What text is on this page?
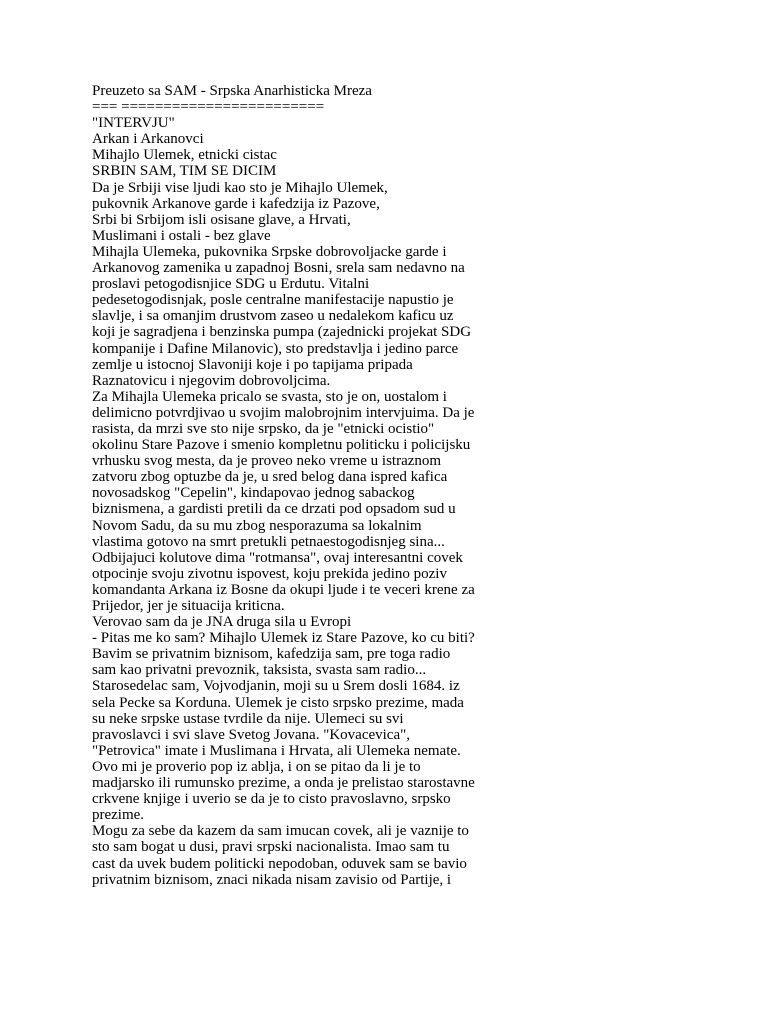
Preuzeto sa SAM - Srpska Anarhisticka Mreza
=== ========================
"INTERVJU"
Arkan i Arkanovci
Mihajlo Ulemek, etnicki cistac
SRBIN SAM, TIM SE DICIM
Da je Srbiji vise ljudi kao sto je Mihajlo Ulemek,
pukovnik Arkanove garde i kafedzija iz Pazove,
Srbi bi Srbijom isli osisane glave, a Hrvati,
Muslimani i ostali - bez glave
Mihajla Ulemeka, pukovnika Srpske dobrovoljacke garde i
Arkanovog zamenika u zapadnoj Bosni, srela sam nedavno na
proslavi petogodisnjice SDG u Erdutu. Vitalni
pedesetogodisnjak, posle centralne manifestacije napustio je
slavlje, i sa omanjim drustvom zaseo u nedalekom kaficu uz
koji je sagradjena i benzinska pumpa (zajednicki projekat SDG
kompanije i Dafine Milanovic), sto predstavlja i jedino parce
zemlje u istocnoj Slavoniji koje i po tapijama pripada
Raznatovicu i njegovim dobrovoljcima.
Za Mihajla Ulemeka pricalo se svasta, sto je on, uostalom i
delimicno potvrdjivao u svojim malobrojnim intervjuima. Da je
rasista, da mrzi sve sto nije srpsko, da je "etnicki ocistio"
okolinu Stare Pazove i smenio kompletnu politicku i policijsku
vrhusku svog mesta, da je proveo neko vreme u istraznom
zatvoru zbog optuzbe da je, u sred belog dana ispred kafica
novosadskog "Cepelin", kindapovao jednog sabackog
biznismena, a gardisti pretili da ce drzati pod opsadom sud u
Novom Sadu, da su mu zbog nesporazuma sa lokalnim
vlastima gotovo na smrt pretukli petnaestogodisnjeg sina...
Odbijajuci kolutove dima "rotmansa", ovaj interesantni covek
otpocinje svoju zivotnu ispovest, koju prekida jedino poziv
komandanta Arkana iz Bosne da okupi ljude i te veceri krene za
Prijedor, jer je situacija kriticna.
Verovao sam da je JNA druga sila u Evropi
- Pitas me ko sam? Mihajlo Ulemek iz Stare Pazove, ko cu biti?
Bavim se privatnim biznisom, kafedzija sam, pre toga radio
sam kao privatni prevoznik, taksista, svasta sam radio...
Starosedelac sam, Vojvodjanin, moji su u Srem dosli 1684. iz
sela Pecke sa Korduna. Ulemek je cisto srpsko prezime, mada
su neke srpske ustase tvrdile da nije. Ulemeci su svi
pravoslavci i svi slave Svetog Jovana. "Kovacevica",
"Petrovica" imate i Muslimana i Hrvata, ali Ulemeka nemate.
Ovo mi je proverio pop iz ablja, i on se pitao da li je to
madjarsko ili rumunsko prezime, a onda je prelistao starostavne
crkvene knjige i uverio se da je to cisto pravoslavno, srpsko
prezime.
Mogu za sebe da kazem da sam imucan covek, ali je vaznije to
sto sam bogat u dusi, pravi srpski nacionalista. Imao sam tu
cast da uvek budem politicki nepodoban, oduvek sam se bavio
privatnim biznisom, znaci nikada nisam zavisio od Partije, i
